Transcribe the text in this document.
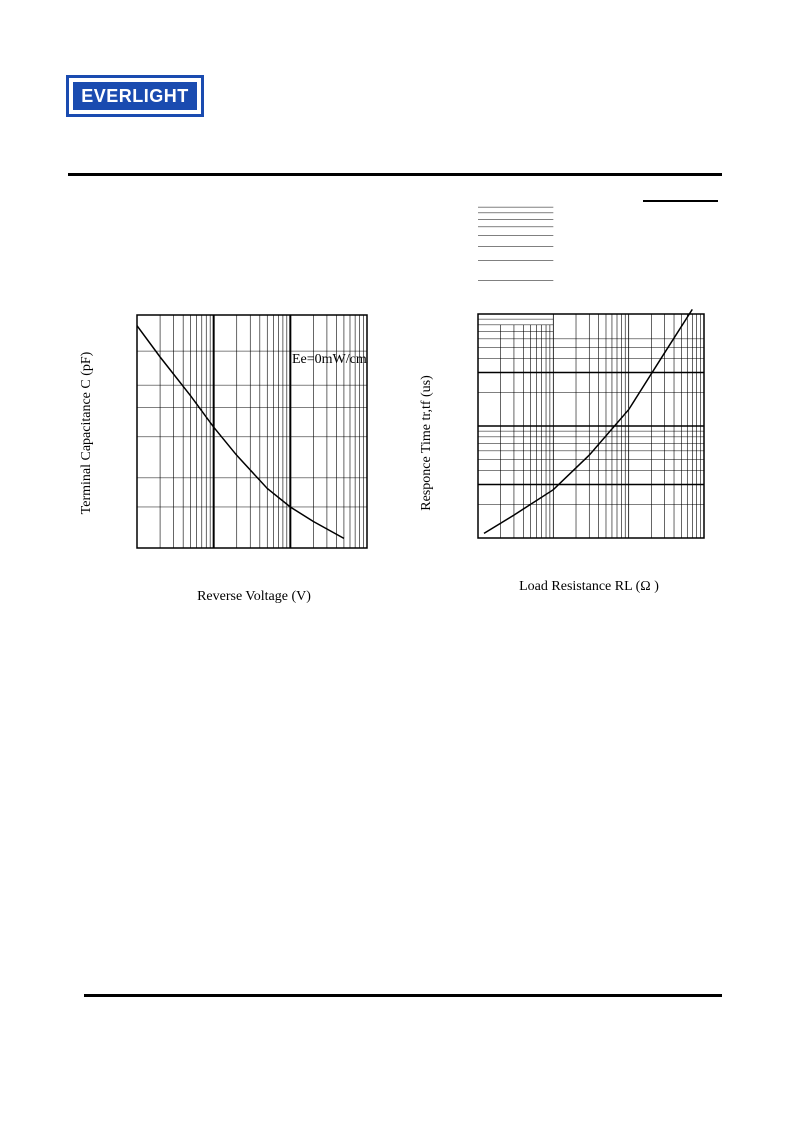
EVERLIGHT
Terminal Capacitance C (pF)
Reverse Voltage (V)
Ee=0mW/cm
Responce Time tr,tf (us)
Load Resistance RL (Ω )
